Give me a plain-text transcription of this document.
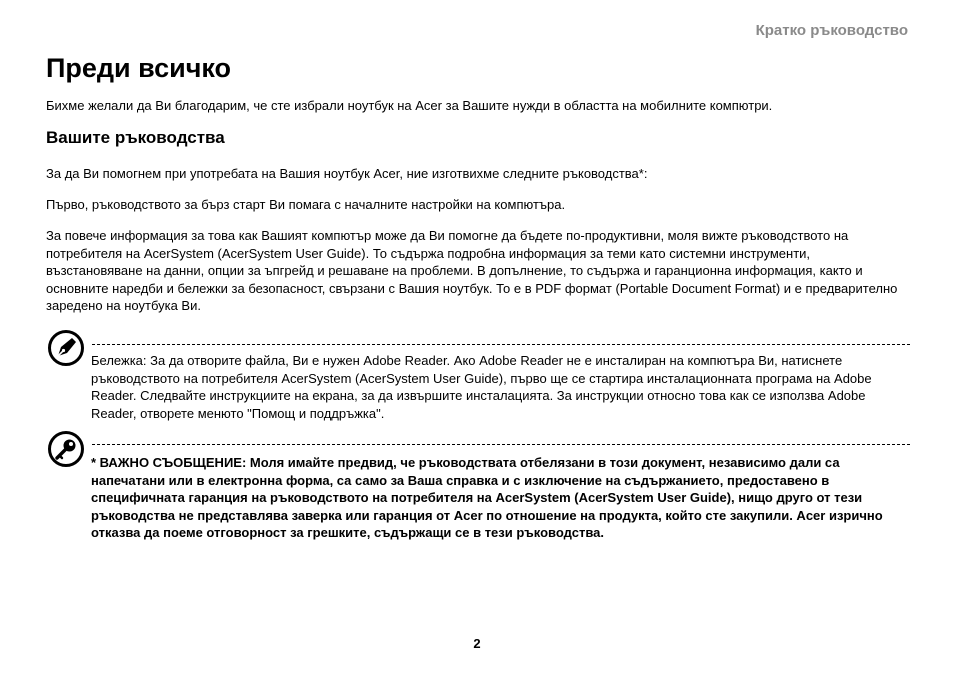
Кратко ръководство
Преди всичко

Бихме желали да Ви благодарим, че сте избрали ноутбук на Acer за Вашите нужди в областта на мобилните компютри.

Вашите ръководства

За да Ви помогнем при употребата на Вашия ноутбук Acer, ние изготвихме следните ръководства*:

Първо, ръководството за бърз старт Ви помага с началните настройки на компютъра.

За повече информация за това как Вашият компютър може да Ви помогне да бъдете по-продуктивни, моля вижте ръководството на потребителя на AcerSystem (AcerSystem User Guide). То съдържа подробна информация за теми като системни инструменти, възстановяване на данни, опции за ъпгрейд и решаване на проблеми. В допълнение, то съдържа и гаранционна информация, както и основните наредби и бележки за безопасност, свързани с Вашия ноутбук. То е в PDF формат (Portable Document Format) и е предварително заредено на ноутбука Ви.

Бележка: За да отворите файла, Ви е нужен Adobe Reader. Ако Adobe Reader не е инсталиран на компютъра Ви, натиснете ръководството на потребителя AcerSystem (AcerSystem User Guide), първо ще се стартира инсталационната програма на Adobe Reader. Следвайте инструкциите на екрана, за да извършите инсталацията. За инструкции относно това как се използва Adobe Reader, отворете менюто "Помощ и поддръжка".

* ВАЖНО СЪОБЩЕНИЕ: Моля имайте предвид, че ръководствата отбелязани в този документ, независимо дали са напечатани или в електронна форма, са само за Ваша справка и с изключение на съдържанието, предоставено в специфичната гаранция на ръководството на потребителя на AcerSystem (AcerSystem User Guide), нищо друго от тези ръководства не представлява заверка или гаранция от Acer по отношение на продукта, който сте закупили. Acer изрично отказва да поеме отговорност за грешките, съдържащи се в тези ръководства.

2
